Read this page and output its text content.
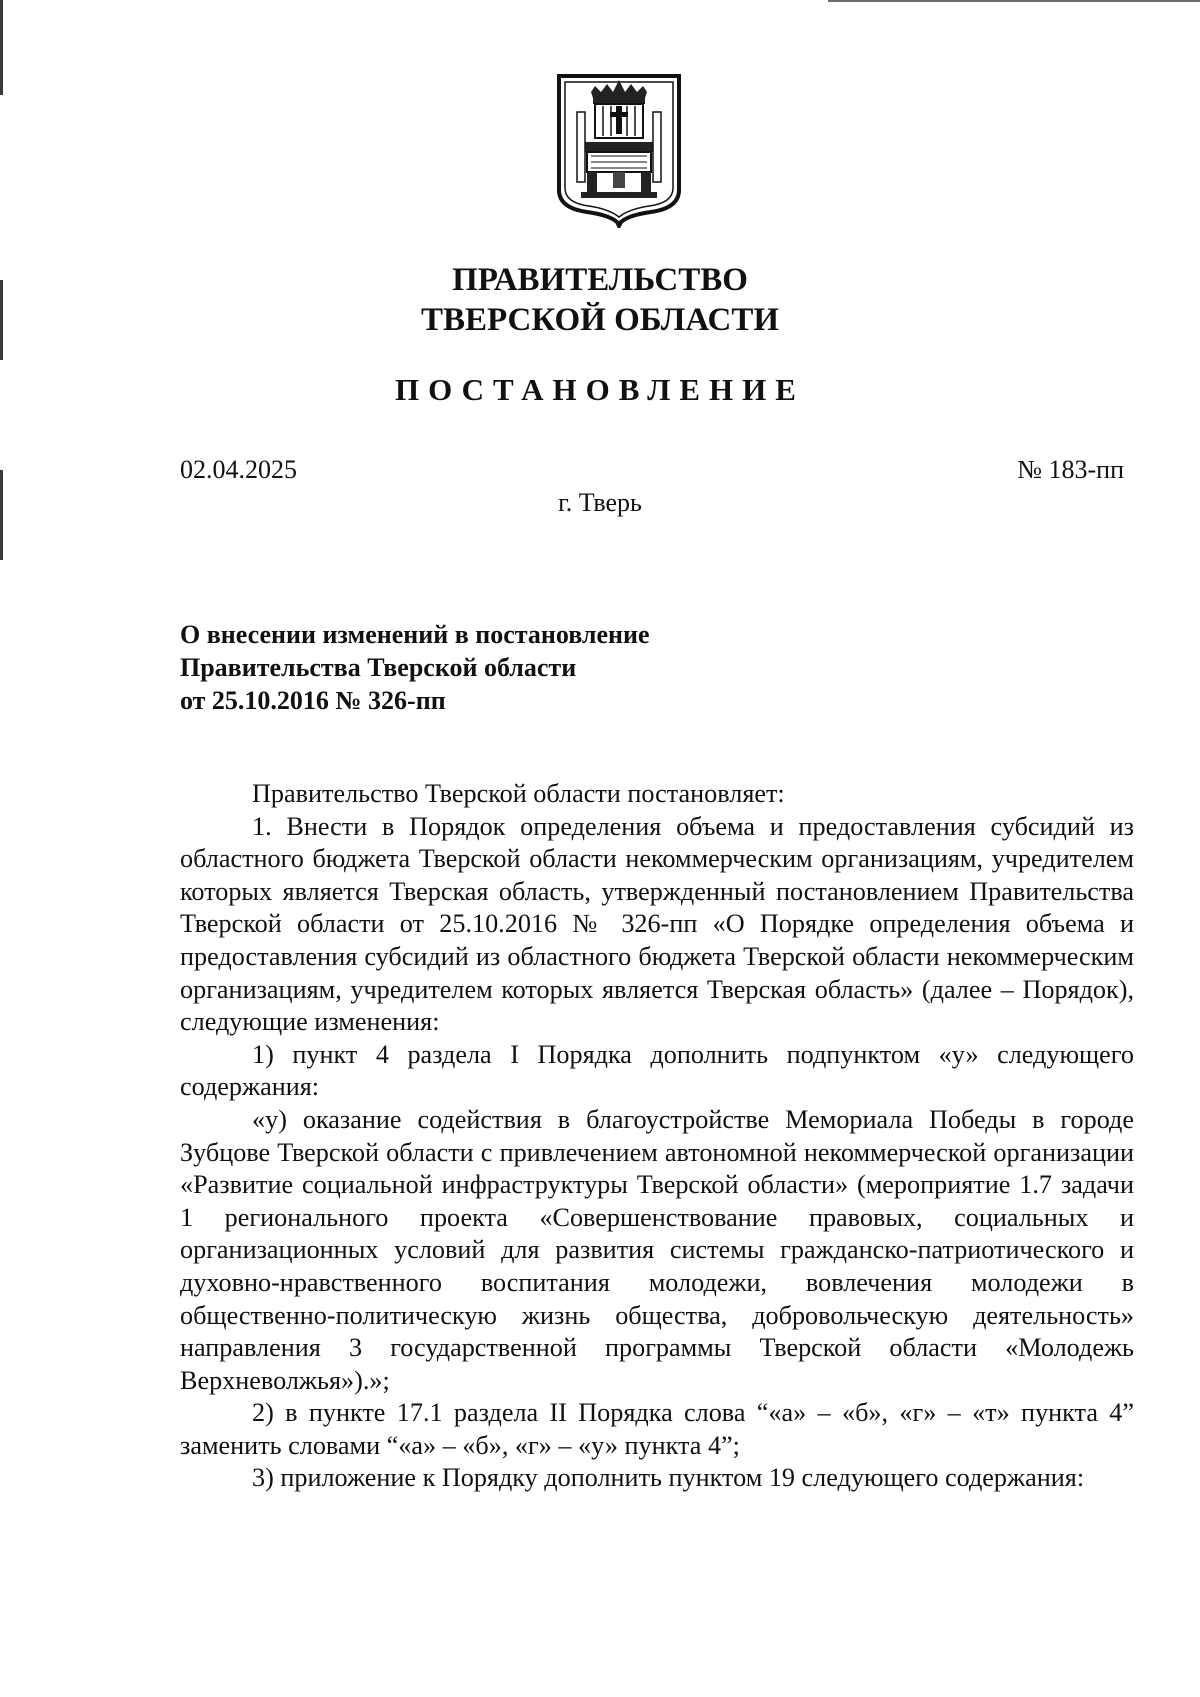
ПРАВИТЕЛЬСТВО
ТВЕРСКОЙ ОБЛАСТИ
ПОСТАНОВЛЕНИЕ
02.04.2025	№ 183-пп
г. Тверь
О внесении изменений в постановление
Правительства Тверской области
от 25.10.2016 № 326-пп

Правительство Тверской области постановляет:

1. Внести в Порядок определения объема и предоставления субсидий из областного бюджета Тверской области некоммерческим организациям, учредителем которых является Тверская область, утвержденный постановлением Правительства Тверской области от 25.10.2016 № 326-пп «О Порядке определения объема и предоставления субсидий из областного бюджета Тверской области некоммерческим организациям, учредителем которых является Тверская область» (далее – Порядок), следующие изменения:

1) пункт 4 раздела I Порядка дополнить подпунктом «у» следующего содержания:

«у) оказание содействия в благоустройстве Мемориала Победы в городе Зубцове Тверской области с привлечением автономной некоммерческой организации «Развитие социальной инфраструктуры Тверской области» (мероприятие 1.7 задачи 1 регионального проекта «Совершенствование правовых, социальных и организационных условий для развития системы гражданско-патриотического и духовно-нравственного воспитания молодежи, вовлечения молодежи в общественно-политическую жизнь общества, добровольческую деятельность» направления 3 государственной программы Тверской области «Молодежь Верхневолжья»).»;

2) в пункте 17.1 раздела II Порядка слова “«а» – «б», «г» – «т» пункта 4” заменить словами “«а» – «б», «г» – «у» пункта 4”;

3) приложение к Порядку дополнить пунктом 19 следующего содержания:
